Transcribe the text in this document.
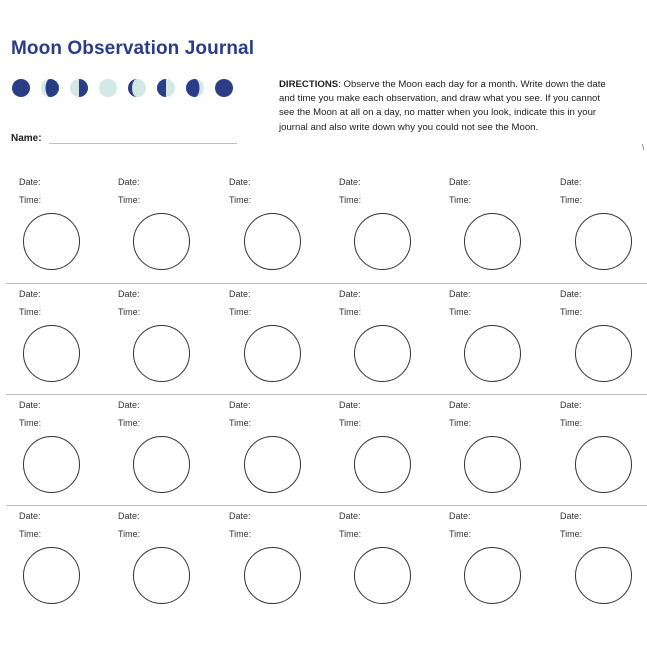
Moon Observation Journal
DIRECTIONS: Observe the Moon each day for a month. Write down the date and time you make each observation, and draw what you see. If you cannot see the Moon at all on a day, no matter when you look, indicate this in your journal and also write down why you could not see the Moon.
Name:
\
Date:
Time:
Date:
Time:
Date:
Time:
Date:
Time:
Date:
Time:
Date:
Time:
Date:
Time:
Date:
Time:
Date:
Time:
Date:
Time:
Date:
Time:
Date:
Time:
Date:
Time:
Date:
Time:
Date:
Time:
Date:
Time:
Date:
Time:
Date:
Time:
Date:
Time:
Date:
Time:
Date:
Time:
Date:
Time:
Date:
Time:
Date:
Time:
